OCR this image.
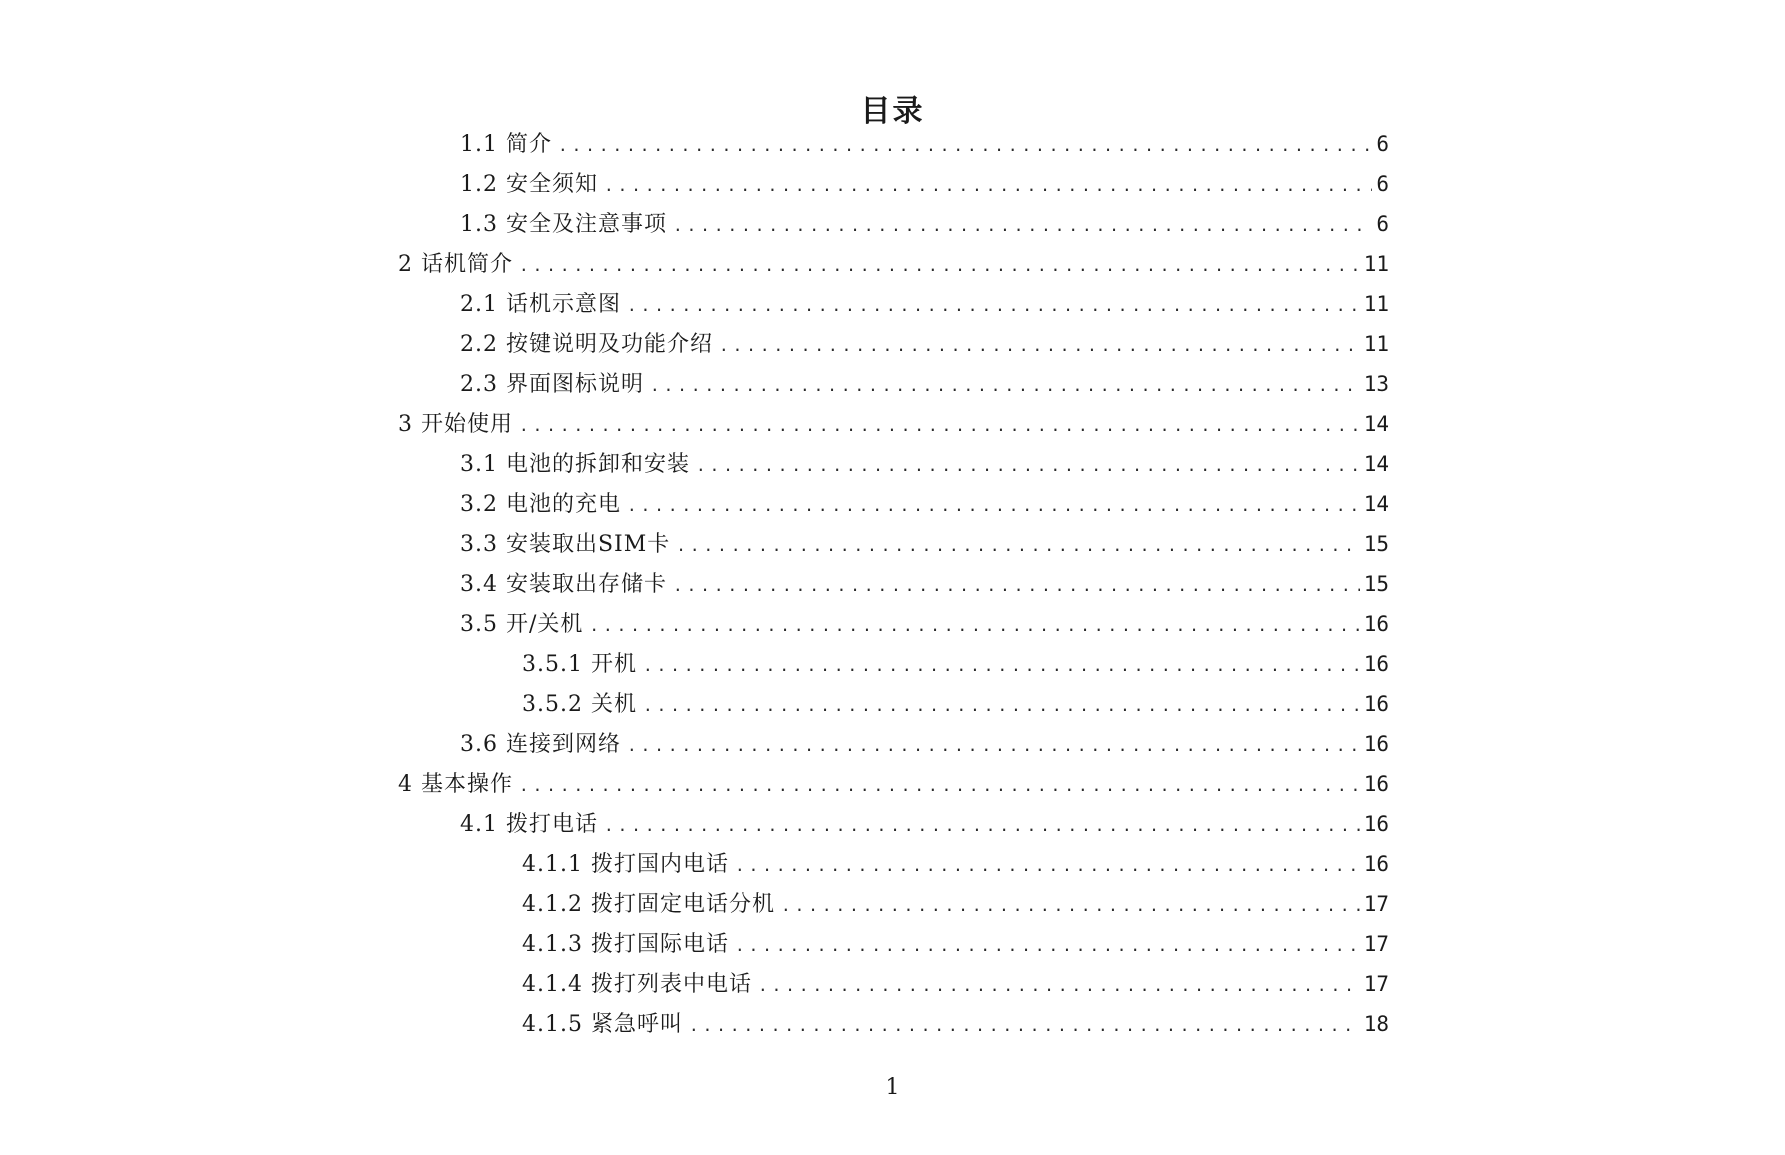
目录
1.1 简介 .....	6
1.2 安全须知 .....	6
1.3 安全及注意事项 .....	6
2 话机简介 .....	11
2.1 话机示意图 .....	11
2.2 按键说明及功能介绍 .....	11
2.3 界面图标说明 .....	13
3 开始使用 .....	14
3.1 电池的拆卸和安装 .....	14
3.2 电池的充电 .....	14
3.3 安装取出SIM卡 .....	15
3.4 安装取出存储卡 .....	15
3.5 开/关机 .....	16
3.5.1 开机 .....	16
3.5.2 关机 .....	16
3.6 连接到网络 .....	16
4 基本操作 .....	16
4.1 拨打电话 .....	16
4.1.1 拨打国内电话 .....	16
4.1.2 拨打固定电话分机 .....	17
4.1.3 拨打国际电话 .....	17
4.1.4 拨打列表中电话 .....	17
4.1.5 紧急呼叫 .....	18
1
